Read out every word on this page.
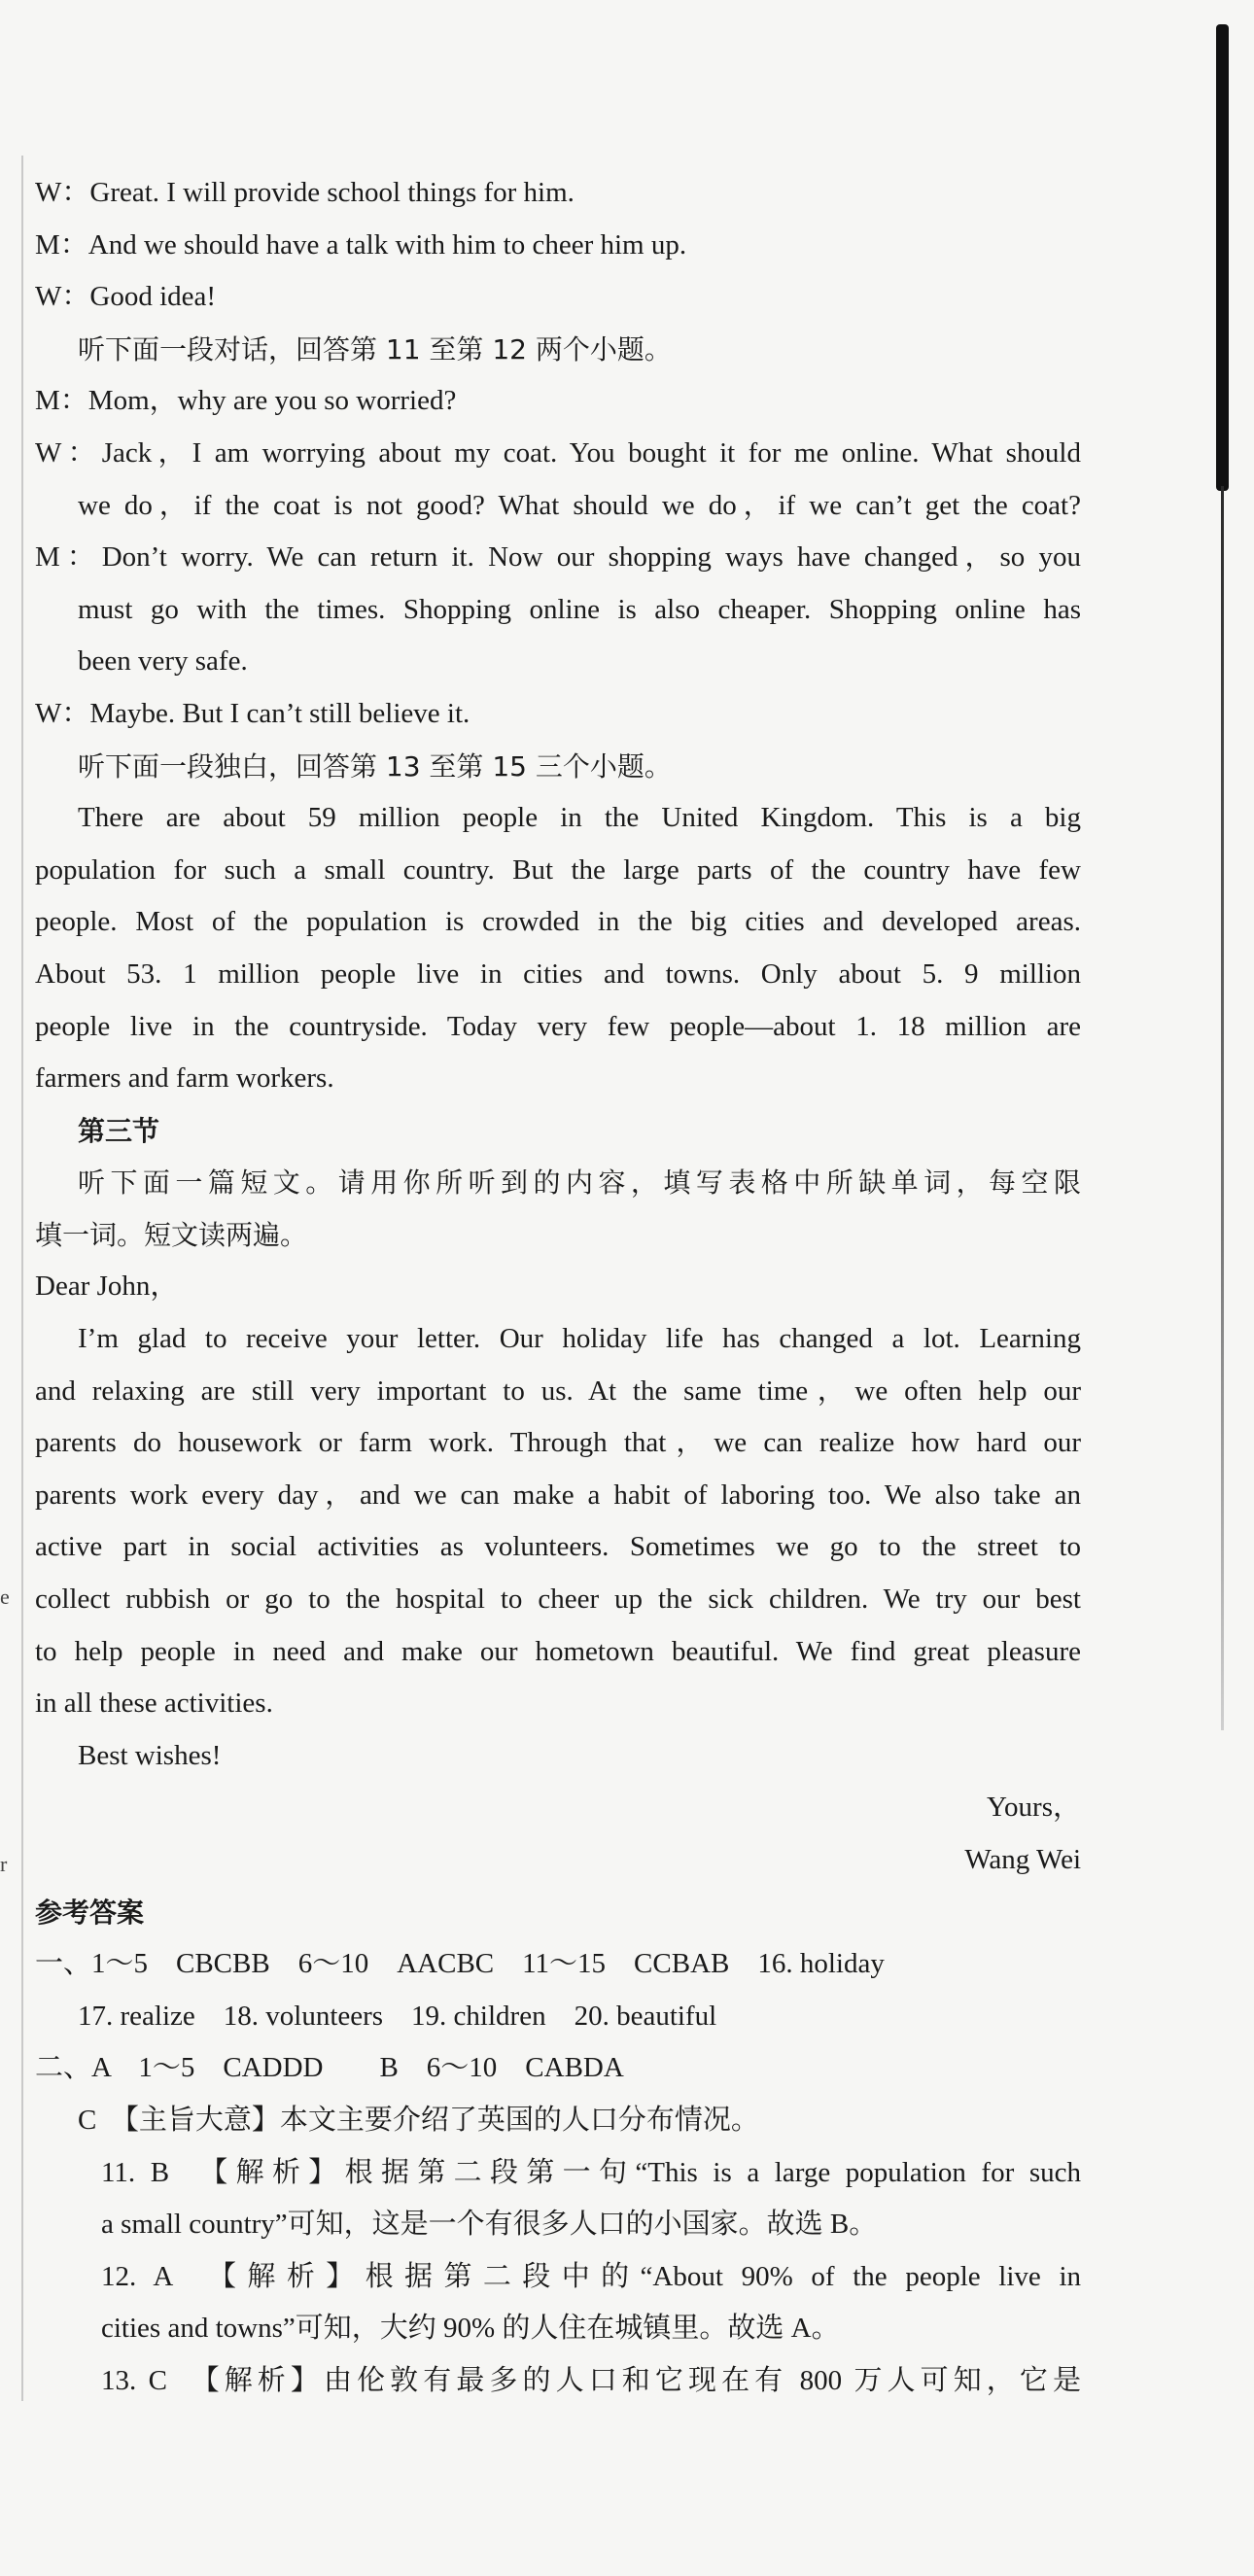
e
r
W：Great. I will provide school things for him.
M：And we should have a talk with him to cheer him up.
W：Good idea!
听下面一段对话，回答第 11 至第 12 两个小题。
M：Mom，why are you so worried?
W：Jack，I am worrying about my coat. You bought it for me online. What should
we do，if the coat is not good? What should we do，if we can’t get the coat?
M：Don’t worry. We can return it. Now our shopping ways have changed，so you
must go with the times. Shopping online is also cheaper. Shopping online has
been very safe.
W：Maybe. But I can’t still believe it.
听下面一段独白，回答第 13 至第 15 三个小题。
There are about 59 million people in the United Kingdom. This is a big
population for such a small country. But the large parts of the country have few
people. Most of the population is crowded in the big cities and developed areas.
About 53. 1 million people live in cities and towns. Only about 5. 9 million
people live in the countryside. Today very few people—about 1. 18 million are
farmers and farm workers.
第三节
听下面一篇短文。请用你所听到的内容，填写表格中所缺单词，每空限
填一词。短文读两遍。
Dear John，
I’m glad to receive your letter. Our holiday life has changed a lot. Learning
and relaxing are still very important to us. At the same time，we often help our
parents do housework or farm work. Through that，we can realize how hard our
parents work every day，and we can make a habit of laboring too. We also take an
active part in social activities as volunteers. Sometimes we go to the street to
collect rubbish or go to the hospital to cheer up the sick children. We try our best
to help people in need and make our hometown beautiful. We find great pleasure
in all these activities.
Best wishes!
Yours，
Wang Wei
参考答案
一、1～5　CBCBB　6～10　AACBC　11～15　CCBAB　16. holiday
17. realize　18. volunteers　19. children　20. beautiful
二、A　1～5　CADDD　　B　6～10　CABDA
C　【主旨大意】本文主要介绍了英国的人口分布情况。
11. B　【解析】根据第二段第一句“This is a large population for such
a small country”可知，这是一个有很多人口的小国家。故选 B。
12. A　【解析】根据第二段中的“About 90% of the people live in
cities and towns”可知，大约 90% 的人住在城镇里。故选 A。
13. C　【解析】由伦敦有最多的人口和它现在有 800 万人可知，它是
